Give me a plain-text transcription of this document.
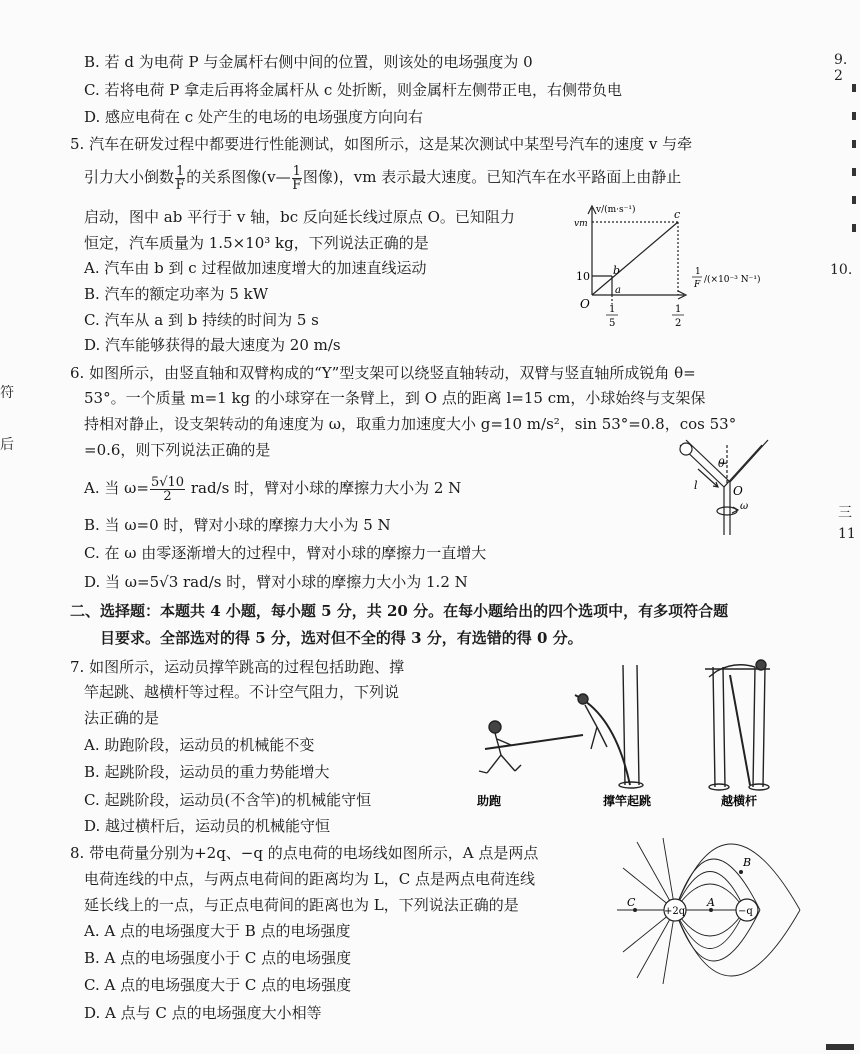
符
后
9. 2
10.
三
11
B. 若 d 为电荷 P 与金属杆右侧中间的位置，则该处的电场强度为 0
C. 若将电荷 P 拿走后再将金属杆从 c 处折断，则金属杆左侧带正电，右侧带负电
D. 感应电荷在 c 处产生的电场的电场强度方向向右
5. 汽车在研发过程中都要进行性能测试，如图所示，这是某次测试中某型号汽车的速度 v 与牵
引力大小倒数 $\frac{1}{F}$ 的关系图像(v— $\frac{1}{F}$ 图像)，vm 表示最大速度。已知汽车在水平路面上由静止
启动，图中 ab 平行于 v 轴，bc 反向延长线过原点 O。已知阻力
恒定，汽车质量为 1.5×10³ kg，下列说法正确的是
A. 汽车由 b 到 c 过程做加速度增大的加速直线运动
B. 汽车的额定功率为 5 kW
C. 汽车从 a 到 b 持续的时间为 5 s
D. 汽车能够获得的最大速度为 20 m/s
v/(m·s⁻¹)
vm
10
O
a
b
c
1
5
1
2
1
F /(×10⁻³ N⁻¹)
6. 如图所示，由竖直轴和双臂构成的“Y”型支架可以绕竖直轴转动，双臂与竖直轴所成锐角 θ=
53°。一个质量 m=1 kg 的小球穿在一条臂上，到 O 点的距离 l=15 cm，小球始终与支架保
持相对静止，设支架转动的角速度为 ω，取重力加速度大小 g=10 m/s²，sin 53°=0.8，cos 53°
=0.6，则下列说法正确的是
A. 当 $\omega= \frac{5√10}{2} rad/s$ 时，臂对小球的摩擦力大小为 2 N
B. 当 ω=0 时，臂对小球的摩擦力大小为 5 N
C. 在 ω 由零逐渐增大的过程中，臂对小球的摩擦力一直增大
D. 当 ω=5√3 rad/s 时，臂对小球的摩擦力大小为 1.2 N
θ
l	O
ω
二、选择题：本题共 4 小题，每小题 5 分，共 20 分。在每小题给出的四个选项中，有多项符合题
目要求。全部选对的得 5 分，选对但不全的得 3 分，有选错的得 0 分。
7. 如图所示，运动员撑竿跳高的过程包括助跑、撑
竿起跳、越横杆等过程。不计空气阻力，下列说
法正确的是
A. 助跑阶段，运动员的机械能不变
B. 起跳阶段，运动员的重力势能增大
C. 起跳阶段，运动员(不含竿)的机械能守恒
D. 越过横杆后，运动员的机械能守恒
助跑	撑竿起跳	越横杆
8. 带电荷量分别为+2q、−q 的点电荷的电场线如图所示，A 点是两点
电荷连线的中点，与两点电荷间的距离均为 L，C 点是两点电荷连线
延长线上的一点，与正点电荷间的距离也为 L，下列说法正确的是
A. A 点的电场强度大于 B 点的电场强度
B. A 点的电场强度小于 C 点的电场强度
C. A 点的电场强度大于 C 点的电场强度
D. A 点与 C 点的电场强度大小相等
+2q	−q
A
B
C
